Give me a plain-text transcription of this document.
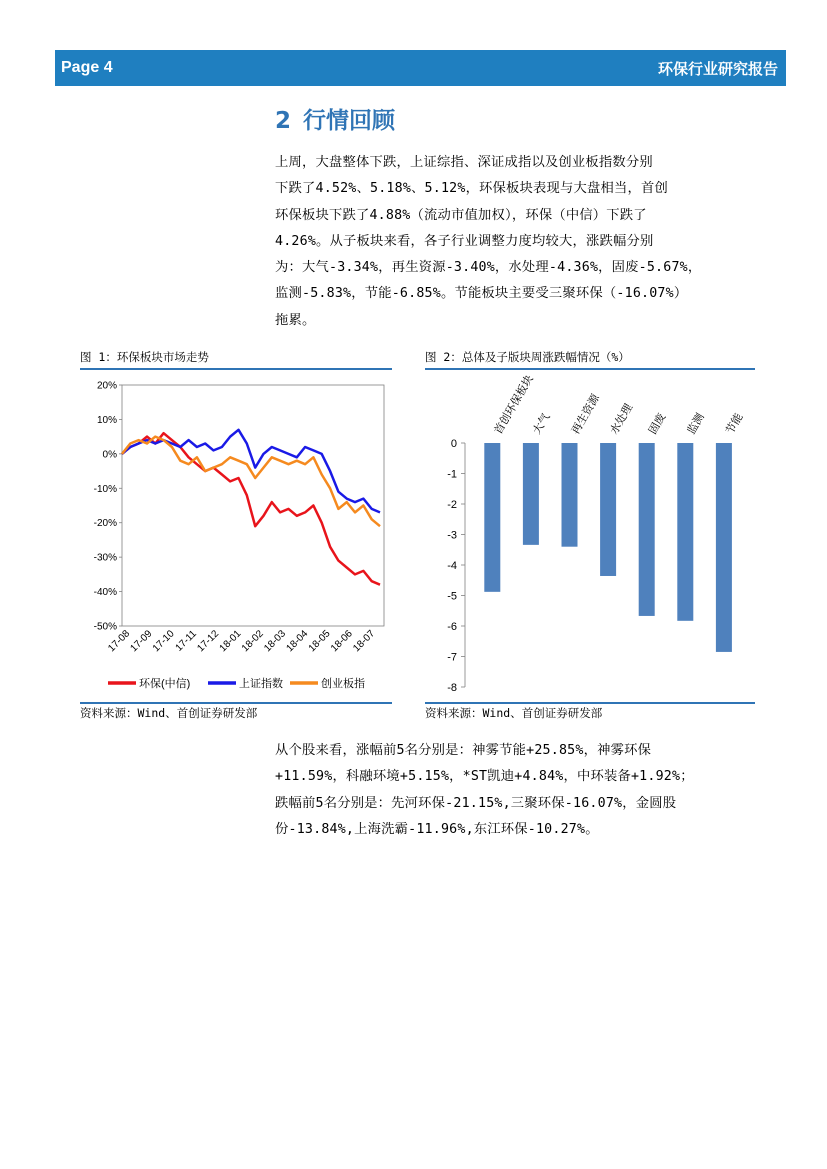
Page 4	环保行业研究报告
2 行情回顾
上周，大盘整体下跌，上证综指、深证成指以及创业板指数分别
下跌了4.52%、5.18%、5.12%，环保板块表现与大盘相当，首创
环保板块下跌了4.88%（流动市值加权），环保（中信）下跌了
4.26%。从子板块来看，各子行业调整力度均较大，涨跌幅分别
为：大气-3.34%，再生资源-3.40%，水处理-4.36%，固废-5.67%，
监测-5.83%，节能-6.85%。节能板块主要受三聚环保（-16.07%）
拖累。
图 1：环保板块市场走势	图 2：总体及子版块周涨跌幅情况（%）
20%
10%
0%
-10%
-20%
-30%
-40%
-50%
17-08
17-09
17-10
17-11
17-12
18-01
18-02
18-03
18-04
18-05
18-06
18-07
环保(中信)	上证指数	创业板指
0
-1
-2
-3
-4
-5
-6
-7
-8
首创环保板块
大气 再生资源 水处理 固废 监测 节能
资料来源：Wind、首创证券研发部	资料来源：Wind、首创证券研发部
从个股来看，涨幅前5名分别是：神雾节能+25.85%，神雾环保
+11.59%，科融环境+5.15%，*ST凯迪+4.84%，中环装备+1.92%；
跌幅前5名分别是：先河环保-21.15%,三聚环保-16.07%，金圆股
份-13.84%,上海洗霸-11.96%,东江环保-10.27%。
